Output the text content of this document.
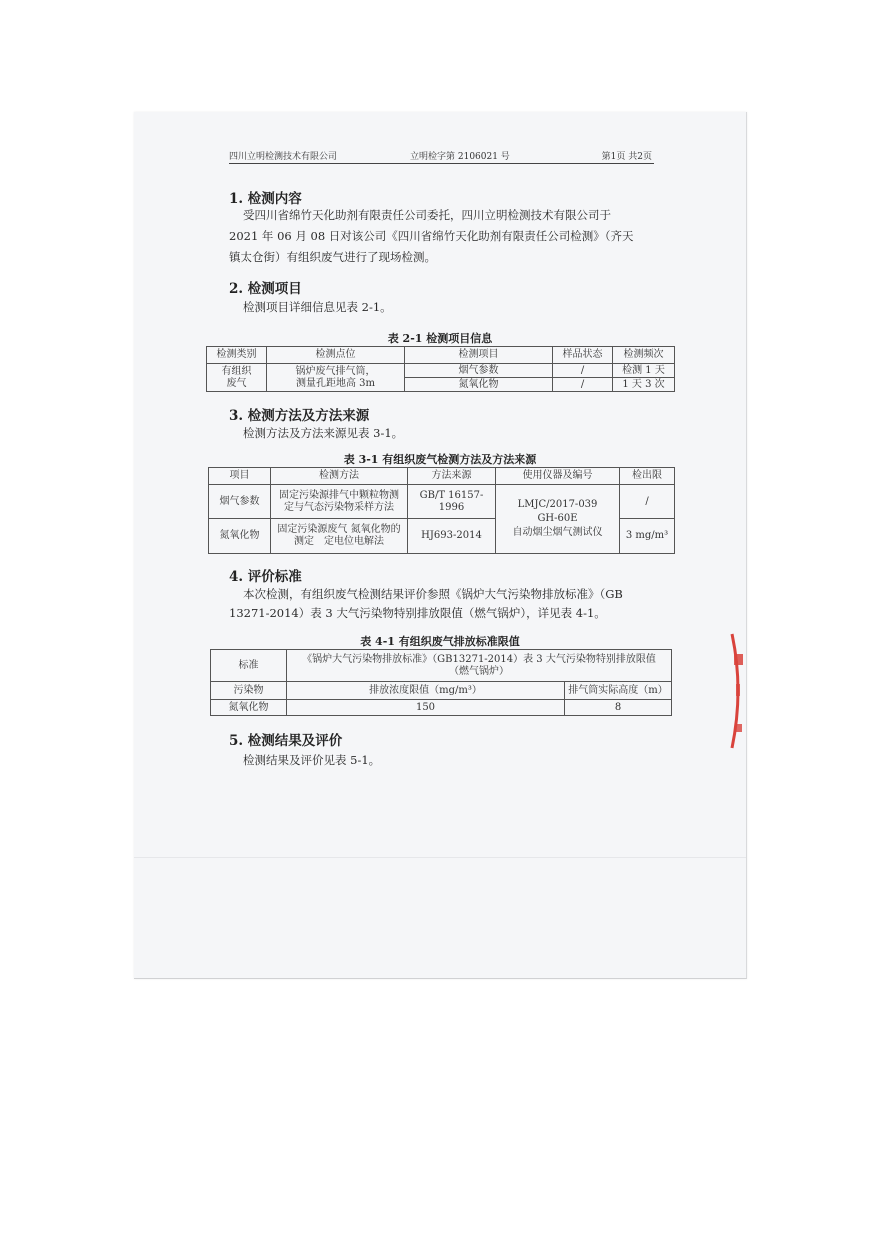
四川立明检测技术有限公司	立明检字第 2106021 号	第1页 共2页
1. 检测内容
受四川省绵竹天化助剂有限责任公司委托，四川立明检测技术有限公司于
2021 年 06 月 08 日对该公司《四川省绵竹天化助剂有限责任公司检测》（齐天
镇太仓街）有组织废气进行了现场检测。
2. 检测项目
检测项目详细信息见表 2-1。
表 2-1 检测项目信息
检测类别	检测点位	检测项目	样品状态	检测频次
有组织
废气	锅炉废气排气筒，
测量孔距地高 3m	烟气参数	/	检测 1 天
		氮氧化物	/	1 天 3 次
3. 检测方法及方法来源
检测方法及方法来源见表 3-1。
表 3-1 有组织废气检测方法及方法来源
项目	检测方法	方法来源	使用仪器及编号	检出限
烟气参数	固定污染源排气中颗粒物测
定与气态污染物采样方法	GB/T 16157-1996	LMJC/2017-039
GH-60E
自动烟尘烟气测试仪	/
氮氧化物	固定污染源废气 氮氧化物的
测定　定电位电解法	HJ693-2014		3 mg/m³
4. 评价标准
本次检测，有组织废气检测结果评价参照《锅炉大气污染物排放标准》（GB
13271-2014）表 3 大气污染物特别排放限值（燃气锅炉），详见表 4-1。
表 4-1 有组织废气排放标准限值
标准	《锅炉大气污染物排放标准》（GB13271-2014）表 3 大气污染物特别排放限值
（燃气锅炉）	
污染物	排放浓度限值（mg/m³）	排气筒实际高度（m）
氮氧化物	150	8
5. 检测结果及评价
检测结果及评价见表 5-1。
